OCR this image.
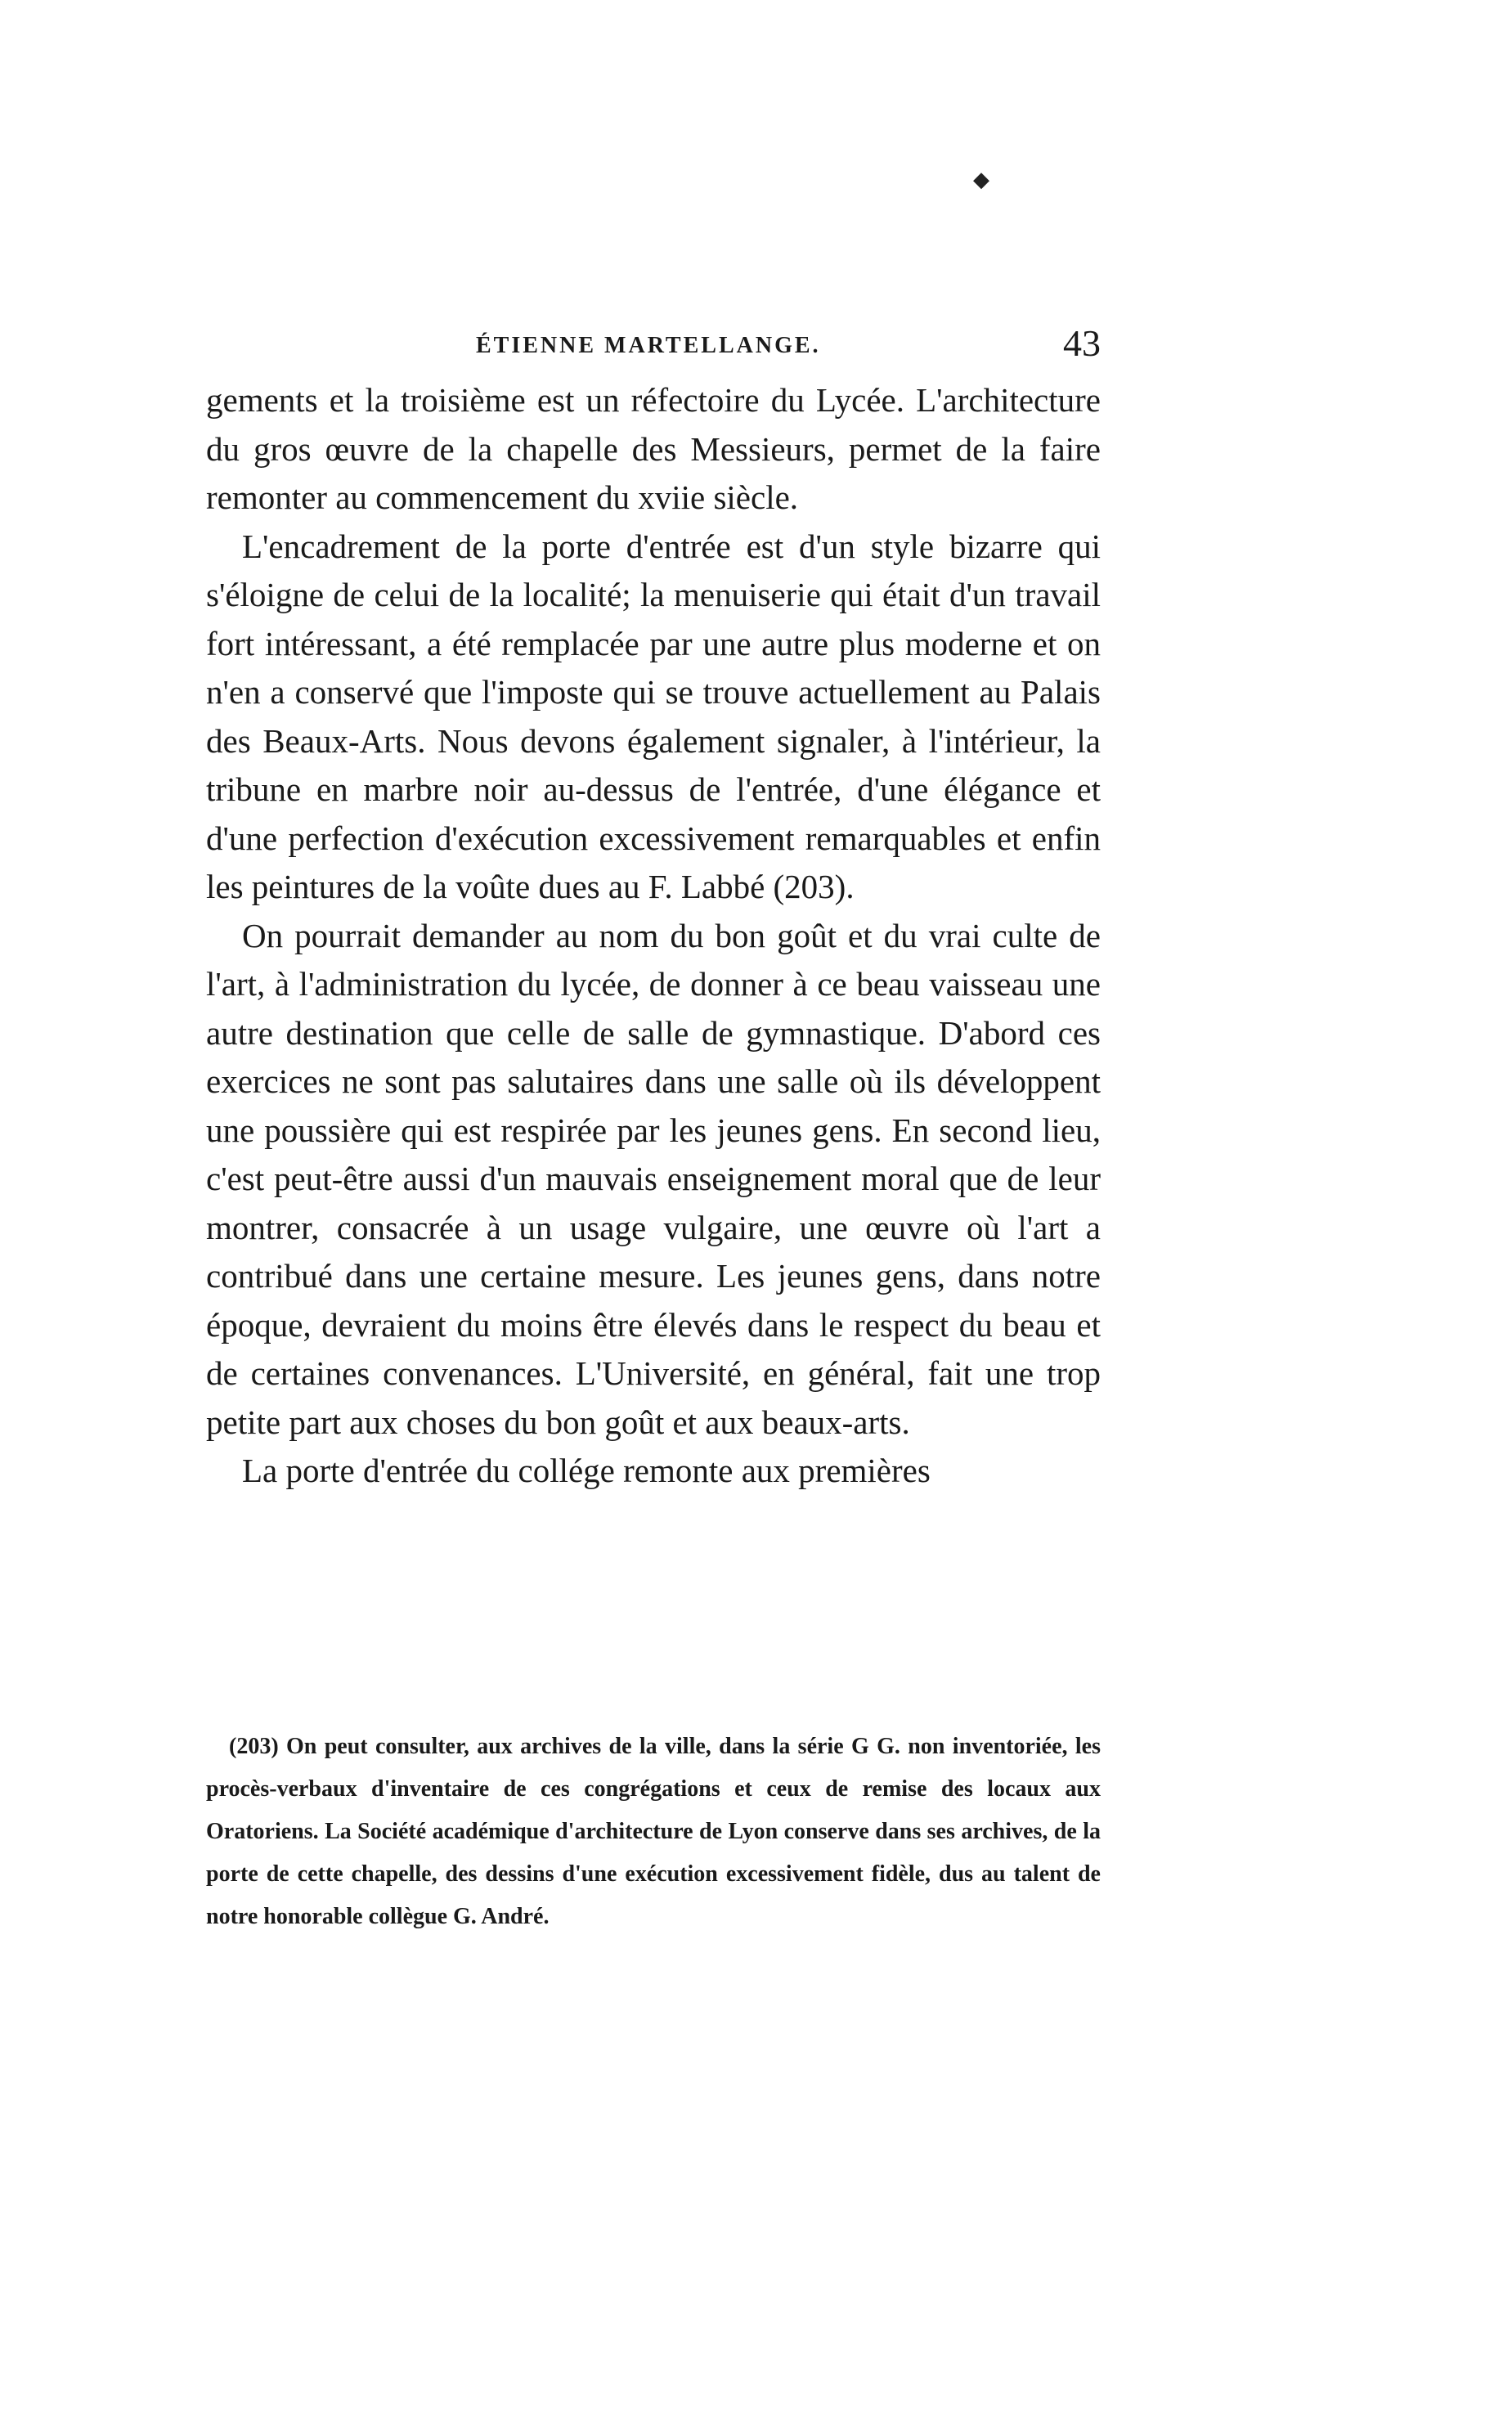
ÉTIENNE MARTELLANGE.	43

gements et la troisième est un réfectoire du Lycée. L'architecture du gros œuvre de la chapelle des Messieurs, permet de la faire remonter au commencement du xviie siècle.

L'encadrement de la porte d'entrée est d'un style bizarre qui s'éloigne de celui de la localité; la menuiserie qui était d'un travail fort intéressant, a été remplacée par une autre plus moderne et on n'en a conservé que l'imposte qui se trouve actuellement au Palais des Beaux-Arts. Nous devons également signaler, à l'intérieur, la tribune en marbre noir au-dessus de l'entrée, d'une élégance et d'une perfection d'exécution excessivement remarquables et enfin les peintures de la voûte dues au F. Labbé (203).

On pourrait demander au nom du bon goût et du vrai culte de l'art, à l'administration du lycée, de donner à ce beau vaisseau une autre destination que celle de salle de gymnastique. D'abord ces exercices ne sont pas salutaires dans une salle où ils développent une poussière qui est respirée par les jeunes gens. En second lieu, c'est peut-être aussi d'un mauvais enseignement moral que de leur montrer, consacrée à un usage vulgaire, une œuvre où l'art a contribué dans une certaine mesure. Les jeunes gens, dans notre époque, devraient du moins être élevés dans le respect du beau et de certaines convenances. L'Université, en général, fait une trop petite part aux choses du bon goût et aux beaux-arts.

La porte d'entrée du collége remonte aux premières

(203) On peut consulter, aux archives de la ville, dans la série G G. non inventoriée, les procès-verbaux d'inventaire de ces congrégations et ceux de remise des locaux aux Oratoriens. La Société académique d'architecture de Lyon conserve dans ses archives, de la porte de cette chapelle, des dessins d'une exécution excessivement fidèle, dus au talent de notre honorable collègue G. André.

◆
